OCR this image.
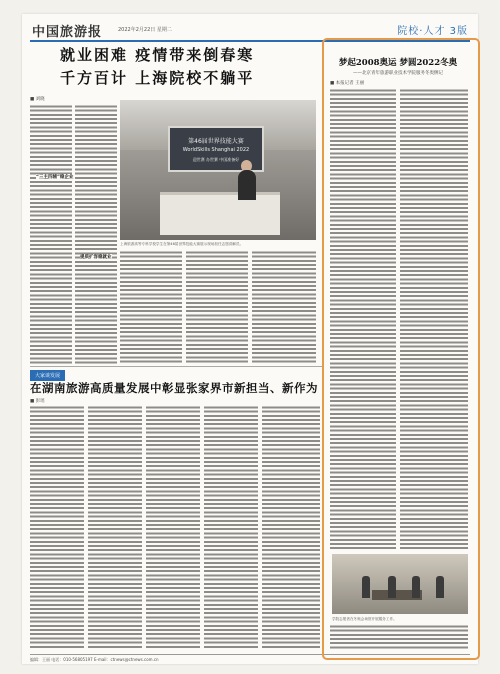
中国旅游报	2022年2月22日 星期二	院校·人才 3版
就业困难 疫情带来倒春寒
千方百计 上海院校不躺平
■ 刘晓
“三主四辅”稳企业
提质扩容稳就业
第46届世界技能大赛
WorldSkills Shanghai 2022
迎世赛 办世赛 中国准备好
上海旅游高等专科学校学生在第46届世界技能大赛展示现场担任志愿讲解员。
大家谈发展
在湖南旅游高质量发展中彰显张家界市新担当、新作为
■ 彭瑶
梦起2008奥运 梦圆2022冬奥
——北京青年旅游职业技术学院服务冬奥侧记
■ 本报记者 王丽
学院志愿者在冬奥会场馆开展服务工作。
编辑：王丽 电话：010-56805197 E-mail：ctnews@ctnews.com.cn
